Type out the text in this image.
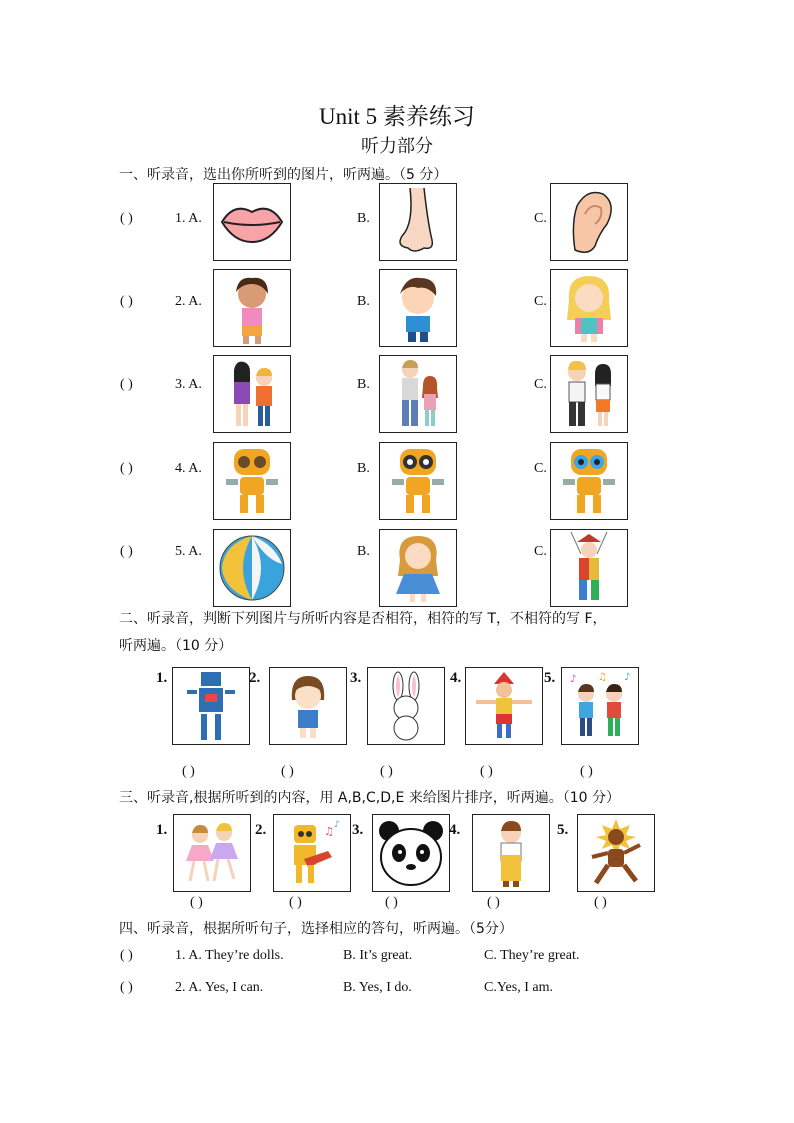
Unit 5 素养练习
听力部分
一、听录音，选出你所听到的图片，听两遍。（5 分）
( )	1. A.	B.	C.
( )	2. A.	B.	C.
( )	3. A.	B.	C.
( )	4. A.	B.	C.
( )	5. A.	B.	C.
二、听录音，判断下列图片与所听内容是否相符，相符的写 T，不相符的写 F，
听两遍。（10 分）
1.	2.	3.	4.	5. ♪ ♫ ♪
( )	( )	( )	( )	( )
三、听录音,根据所听到的内容，用 A,B,C,D,E 来给图片排序，听两遍。（10 分）
1.	2.	♫ ♪ 3.	4.	5.
( )	( )	( )	( )	( )
四、听录音，根据所听句子，选择相应的答句，听两遍。（5分）
( )	1. A. They’re dolls.	B. It’s great.	C. They’re great.
( )	2. A. Yes, I can.	B. Yes, I do.	C.Yes, I am.
